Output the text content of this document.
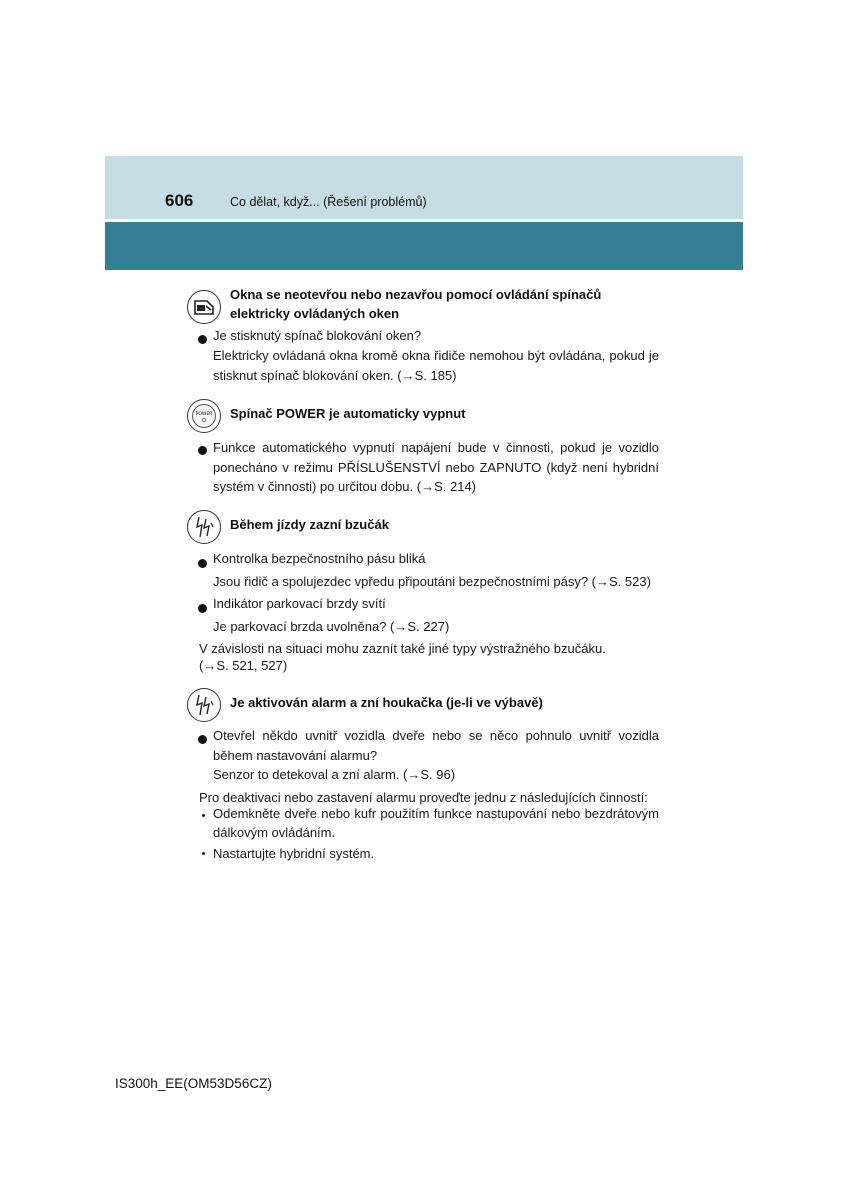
606	Co dělat, když... (Řešení problémů)
Okna se neotevřou nebo nezavřou pomocí ovládání spínačů elektricky ovládaných oken
Je stisknutý spínač blokování oken?
Elektricky ovládaná okna kromě okna řidiče nemohou být ovládána, pokud je stisknut spínač blokování oken. (→S. 185)
POWER Spínač POWER je automaticky vypnut
Funkce automatického vypnutí napájení bude v činnosti, pokud je vozidlo ponecháno v režimu PŘÍSLUŠENSTVÍ nebo ZAPNUTO (když není hybridní systém v činnosti) po určitou dobu. (→S. 214)
Během jízdy zazní bzučák
Kontrolka bezpečnostního pásu bliká
Jsou řidič a spolujezdec vpředu připoutáni bezpečnostními pásy? (→S. 523)
Indikátor parkovací brzdy svítí
Je parkovací brzda uvolněna? (→S. 227)
V závislosti na situaci mohu zaznít také jiné typy výstražného bzučáku.
(→S. 521, 527)
Je aktivován alarm a zní houkačka (je-li ve výbavě)
Otevřel někdo uvnitř vozidla dveře nebo se něco pohnulo uvnitř vozidla během nastavování alarmu?
Senzor to detekoval a zní alarm. (→S. 96)
Pro deaktivaci nebo zastavení alarmu proveďte jednu z následujících činností:
Odemkněte dveře nebo kufr použitím funkce nastupování nebo bezdrátovým dálkovým ovládáním.
Nastartujte hybridní systém.
IS300h_EE(OM53D56CZ)
